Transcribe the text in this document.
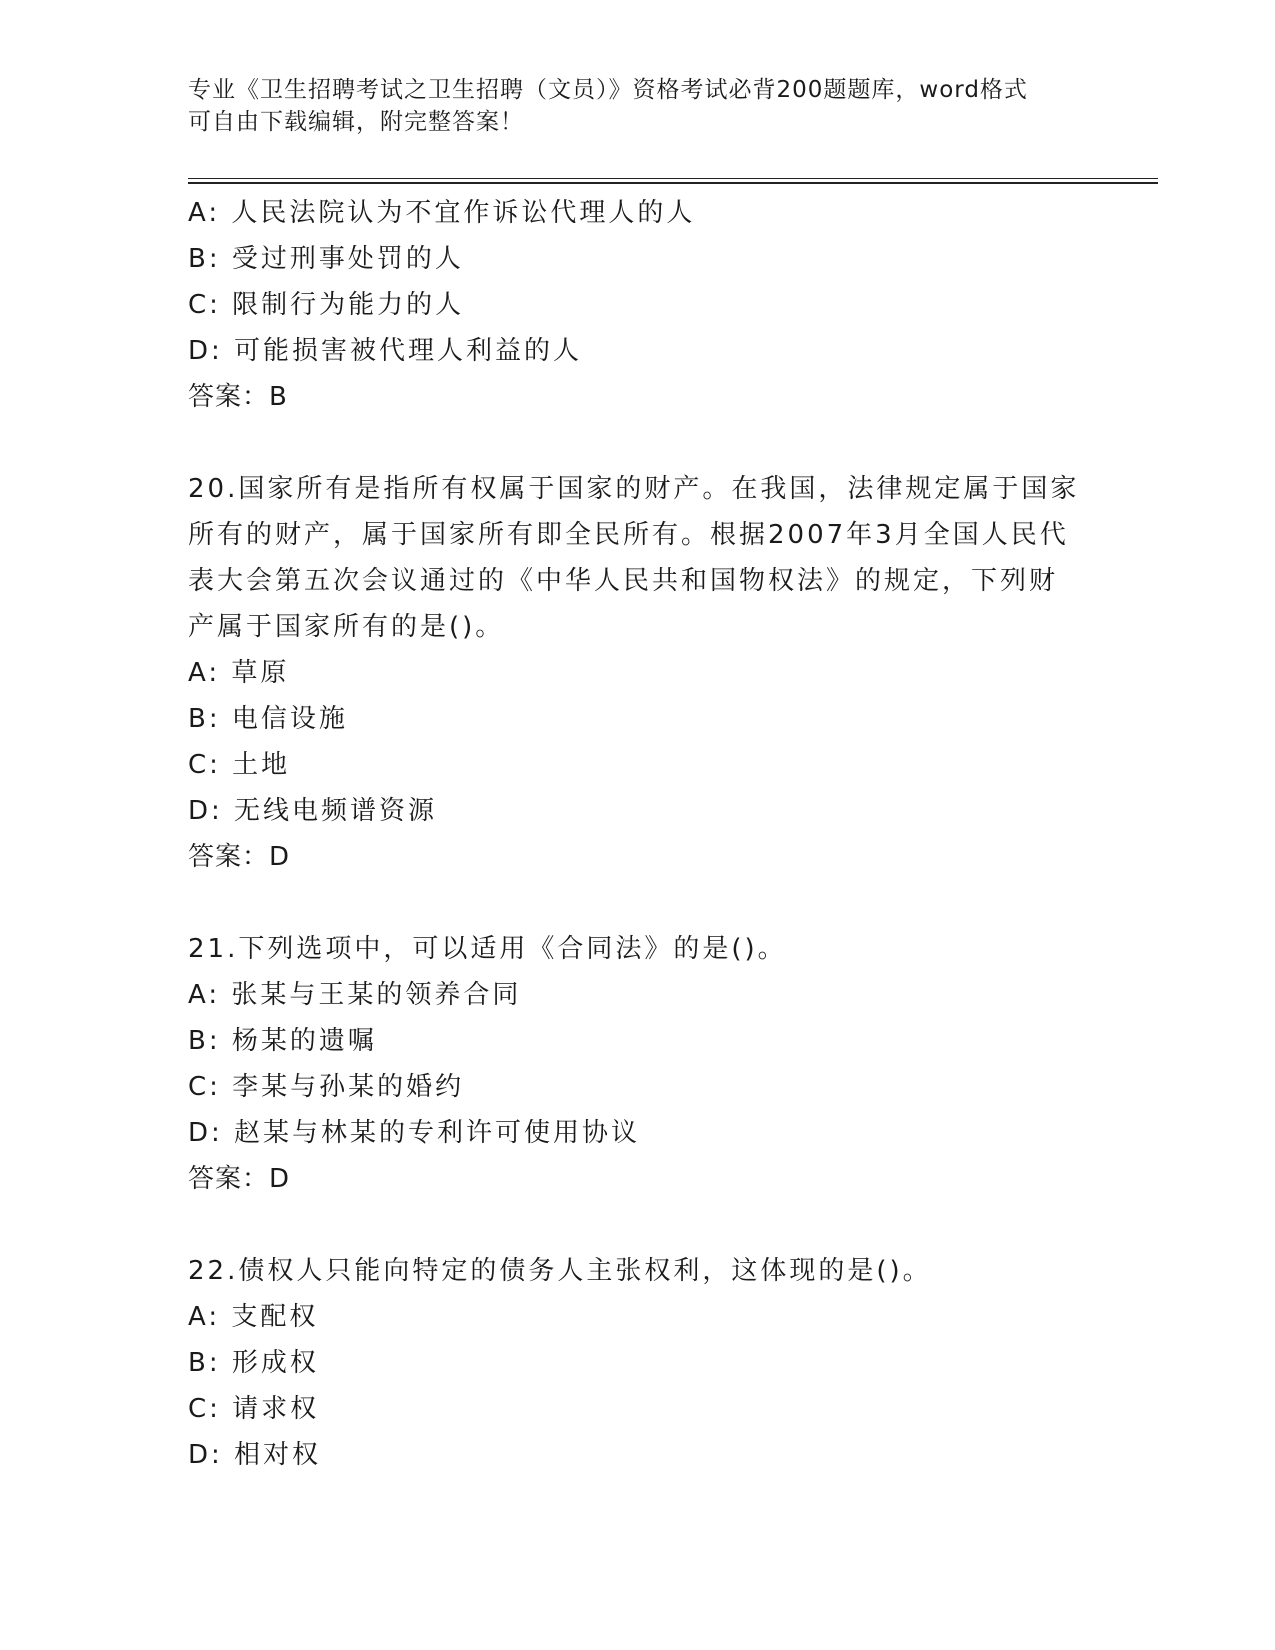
专业《卫生招聘考试之卫生招聘（文员）》资格考试必背200题题库，word格式
可自由下载编辑，附完整答案！
A: 人民法院认为不宜作诉讼代理人的人
B: 受过刑事处罚的人
C: 限制行为能力的人
D: 可能损害被代理人利益的人
答案：B
20.国家所有是指所有权属于国家的财产。在我国，法律规定属于国家
所有的财产，属于国家所有即全民所有。根据2007年3月全国人民代
表大会第五次会议通过的《中华人民共和国物权法》的规定，下列财
产属于国家所有的是()。
A: 草原
B: 电信设施
C: 土地
D: 无线电频谱资源
答案：D
21.下列选项中，可以适用《合同法》的是()。
A: 张某与王某的领养合同
B: 杨某的遗嘱
C: 李某与孙某的婚约
D: 赵某与林某的专利许可使用协议
答案：D
22.债权人只能向特定的债务人主张权利，这体现的是()。
A: 支配权
B: 形成权
C: 请求权
D: 相对权
